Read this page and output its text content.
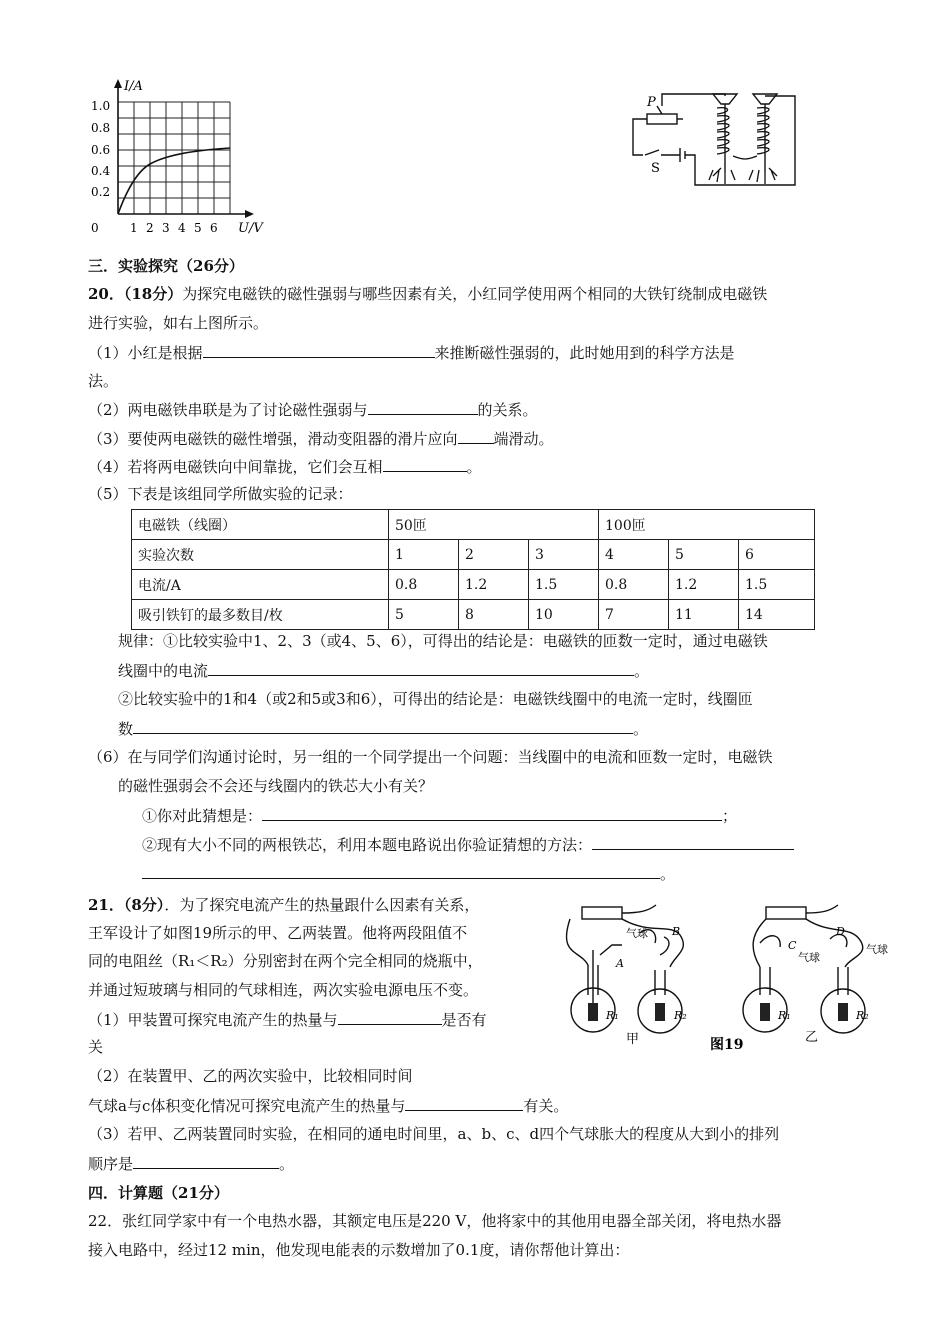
I/A
U/V
1.0
0.8
0.6
0.4
0.2
0	1 2 3 4 5 6
P
S
三．实验探究（26分）
20．（18分）为探究电磁铁的磁性强弱与哪些因素有关，小红同学使用两个相同的大铁钉绕制成电磁铁
进行实验，如右上图所示。
（1）小红是根据	来推断磁性强弱的，此时她用到的科学方法是
法。
（2）两电磁铁串联是为了讨论磁性强弱与	的关系。
（3）要使两电磁铁的磁性增强，滑动变阻器的滑片应向 端滑动。
（4）若将两电磁铁向中间靠拢，它们会互相	。
（5）下表是该组同学所做实验的记录：
电磁铁（线圈）	50匝			100匝		
实验次数	1	2	3	4	5	6
电流/A	0.8	1.2	1.5	0.8	1.2	1.5
吸引铁钉的最多数目/枚	5	8	10	7	11	14
规律：①比较实验中1、2、3（或4、5、6），可得出的结论是：电磁铁的匝数一定时，通过电磁铁
线圈中的电流	。
②比较实验中的1和4（或2和5或3和6），可得出的结论是：电磁铁线圈中的电流一定时，线圈匝
数	。
（6）在与同学们沟通讨论时，另一组的一个同学提出一个问题：当线圈中的电流和匝数一定时，电磁铁
的磁性强弱会不会还与线圈内的铁芯大小有关？
①你对此猜想是：	；
②现有大小不同的两根铁芯，利用本题电路说出你验证猜想的方法：
。
21．（8分）．为了探究电流产生的热量跟什么因素有关系，
王军设计了如图19所示的甲、乙两装置。他将两段阻值不
同的电阻丝（R₁＜R₂）分别密封在两个完全相同的烧瓶中，
并通过短玻璃与相同的气球相连，两次实验电源电压不变。
（1）甲装置可探究电流产生的热量与	是否有
关
（2）在装置甲、乙的两次实验中，比较相同时间
气球a与c体积变化情况可探究电流产生的热量与	有关。
（3）若甲、乙两装置同时实验，在相同的通电时间里，a、b、c、d四个气球胀大的程度从大到小的排列
顺序是	。
气球
气球
气球
A
B
C
D
R₁	R₂	R₁	R₂
甲	图19	乙
四．计算题（21分）
22．张红同学家中有一个电热水器，其额定电压是220 V，他将家中的其他用电器全部关闭，将电热水器
接入电路中，经过12 min，他发现电能表的示数增加了0.1度，请你帮他计算出：
